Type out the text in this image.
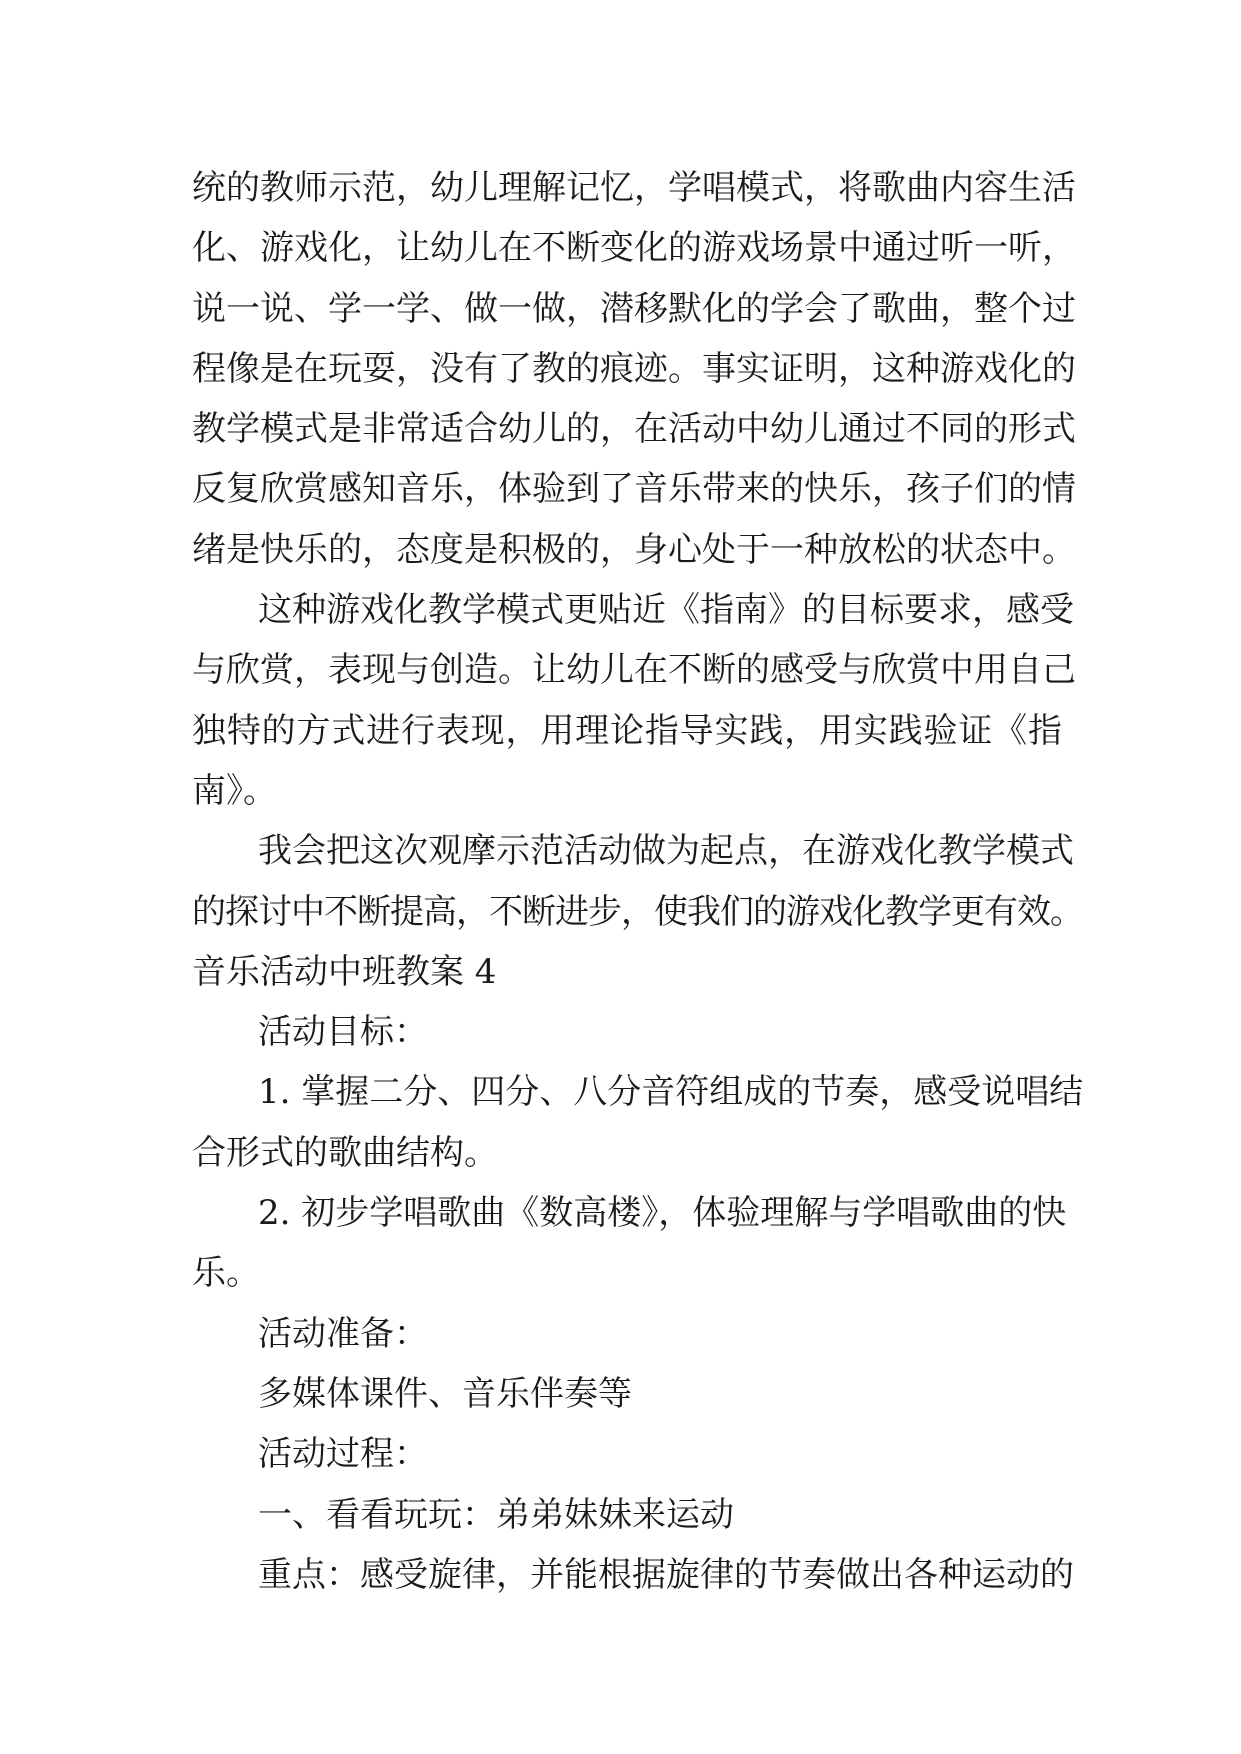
统的教师示范，幼儿理解记忆，学唱模式，将歌曲内容生活
化、游戏化，让幼儿在不断变化的游戏场景中通过听一听，
说一说、学一学、做一做，潜移默化的学会了歌曲，整个过
程像是在玩耍，没有了教的痕迹。事实证明，这种游戏化的
教学模式是非常适合幼儿的，在活动中幼儿通过不同的形式
反复欣赏感知音乐，体验到了音乐带来的快乐，孩子们的情
绪是快乐的，态度是积极的，身心处于一种放松的状态中。
这种游戏化教学模式更贴近《指南》的目标要求，感受
与欣赏，表现与创造。让幼儿在不断的感受与欣赏中用自己
独特的方式进行表现，用理论指导实践，用实践验证《指
南》。
我会把这次观摩示范活动做为起点，在游戏化教学模式
的探讨中不断提高，不断进步，使我们的游戏化教学更有效。
音乐活动中班教案 4
活动目标：
1. 掌握二分、四分、八分音符组成的节奏，感受说唱结
合形式的歌曲结构。
2. 初步学唱歌曲《数高楼》，体验理解与学唱歌曲的快
乐。
活动准备：
多媒体课件、音乐伴奏等
活动过程：
一、看看玩玩：弟弟妹妹来运动
重点：感受旋律，并能根据旋律的节奏做出各种运动的
